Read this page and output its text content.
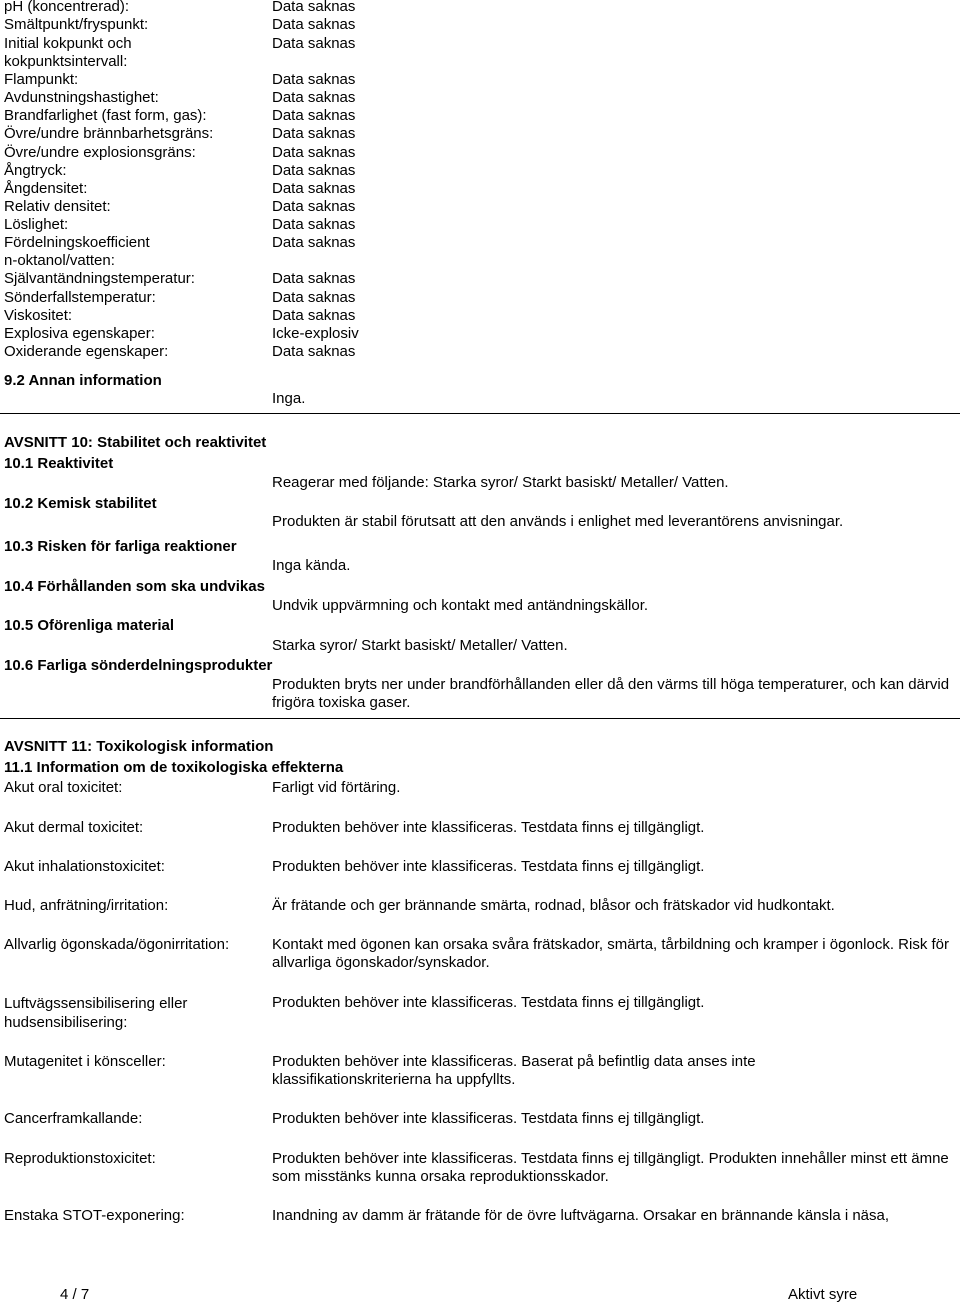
pH (koncentrerad):	Data saknas
Smältpunkt/fryspunkt:	Data saknas
Initial kokpunkt och	Data saknas
kokpunktsintervall:
Flampunkt:	Data saknas
Avdunstningshastighet:	Data saknas
Brandfarlighet (fast form, gas):	Data saknas
Övre/undre brännbarhetsgräns:	Data saknas
Övre/undre explosionsgräns:	Data saknas
Ångtryck:	Data saknas
Ångdensitet:	Data saknas
Relativ densitet:	Data saknas
Löslighet:	Data saknas
Fördelningskoefficient	Data saknas
n-oktanol/vatten:
Självantändningstemperatur:	Data saknas
Sönderfallstemperatur:	Data saknas
Viskositet:	Data saknas
Explosiva egenskaper:	Icke-explosiv
Oxiderande egenskaper:	Data saknas
9.2 Annan information
Inga.
AVSNITT 10: Stabilitet och reaktivitet
10.1 Reaktivitet
Reagerar med följande: Starka syror/ Starkt basiskt/ Metaller/ Vatten.
10.2 Kemisk stabilitet
Produkten är stabil förutsatt att den används i enlighet med leverantörens anvisningar.
10.3 Risken för farliga reaktioner
Inga kända.
10.4 Förhållanden som ska undvikas
Undvik uppvärmning och kontakt med antändningskällor.
10.5 Oförenliga material
Starka syror/ Starkt basiskt/ Metaller/ Vatten.
10.6 Farliga sönderdelningsprodukter
Produkten bryts ner under brandförhållanden eller då den värms till höga temperaturer, och kan därvid frigöra toxiska gaser.
AVSNITT 11: Toxikologisk information
11.1 Information om de toxikologiska effekterna
Akut oral toxicitet:	Farligt vid förtäring.
Akut dermal toxicitet:	Produkten behöver inte klassificeras. Testdata finns ej tillgängligt.
Akut inhalationstoxicitet:	Produkten behöver inte klassificeras. Testdata finns ej tillgängligt.
Hud, anfrätning/irritation:	Är frätande och ger brännande smärta, rodnad, blåsor och frätskador vid hudkontakt.
Allvarlig ögonskada/ögonirritation:	Kontakt med ögonen kan orsaka svåra frätskador, smärta, tårbildning och kramper i ögonlock. Risk för allvarliga ögonskador/synskador.
Luftvägssensibilisering eller hudsensibilisering:
Produkten behöver inte klassificeras. Testdata finns ej tillgängligt.
Mutagenitet i könsceller:	Produkten behöver inte klassificeras. Baserat på befintlig data anses inte klassifikationskriterierna ha uppfyllts.
Cancerframkallande:	Produkten behöver inte klassificeras. Testdata finns ej tillgängligt.
Reproduktionstoxicitet:	Produkten behöver inte klassificeras. Testdata finns ej tillgängligt. Produkten innehåller minst ett ämne som misstänks kunna orsaka reproduktionsskador.
Enstaka STOT-exponering:	Inandning av damm är frätande för de övre luftvägarna. Orsakar en brännande känsla i näsa,
4 / 7	Aktivt syre
